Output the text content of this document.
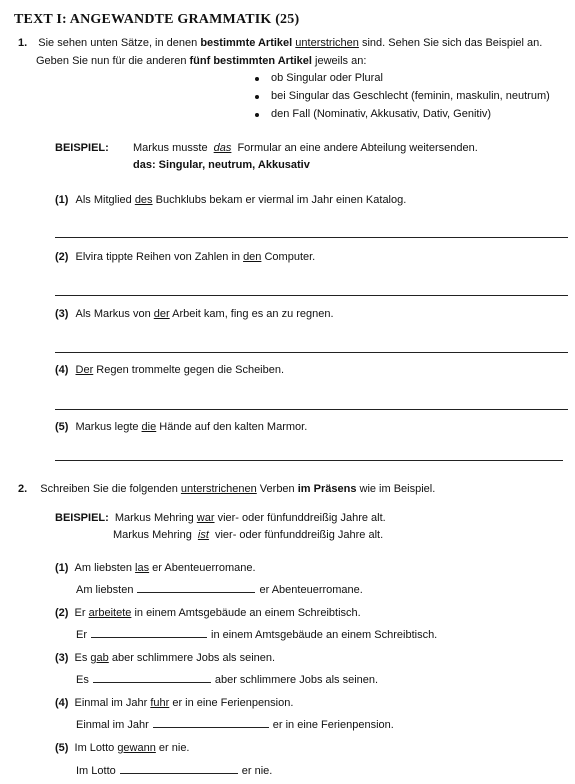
TEXT I: ANGEWANDTE GRAMMATIK (25)
1. Sie sehen unten Sätze, in denen bestimmte Artikel unterstrichen sind. Sehen Sie sich das Beispiel an.
Geben Sie nun für die anderen fünf bestimmten Artikel jeweils an:
ob Singular oder Plural
bei Singular das Geschlecht (feminin, maskulin, neutrum)
den Fall (Nominativ, Akkusativ, Dativ, Genitiv)
BEISPIEL: Markus musste das Formular an eine andere Abteilung weitersenden.
das: Singular, neutrum, Akkusativ
(1) Als Mitglied des Buchklubs bekam er viermal im Jahr einen Katalog.
(2) Elvira tippte Reihen von Zahlen in den Computer.
(3) Als Markus von der Arbeit kam, fing es an zu regnen.
(4) Der Regen trommelte gegen die Scheiben.
(5) Markus legte die Hände auf den kalten Marmor.
2. Schreiben Sie die folgenden unterstrichenen Verben im Präsens wie im Beispiel.
BEISPIEL: Markus Mehring war vier- oder fünfunddreißig Jahre alt.
Markus Mehring ist vier- oder fünfunddreißig Jahre alt.
(1) Am liebsten las er Abenteuerromane.
Am liebsten	er Abenteuerromane.
(2) Er arbeitete in einem Amtsgebäude an einem Schreibtisch.
Er	in einem Amtsgebäude an einem Schreibtisch.
(3) Es gab aber schlimmere Jobs als seinen.
Es	aber schlimmere Jobs als seinen.
(4) Einmal im Jahr fuhr er in eine Ferienpension.
Einmal im Jahr	er in eine Ferienpension.
(5) Im Lotto gewann er nie.
Im Lotto	er nie.
